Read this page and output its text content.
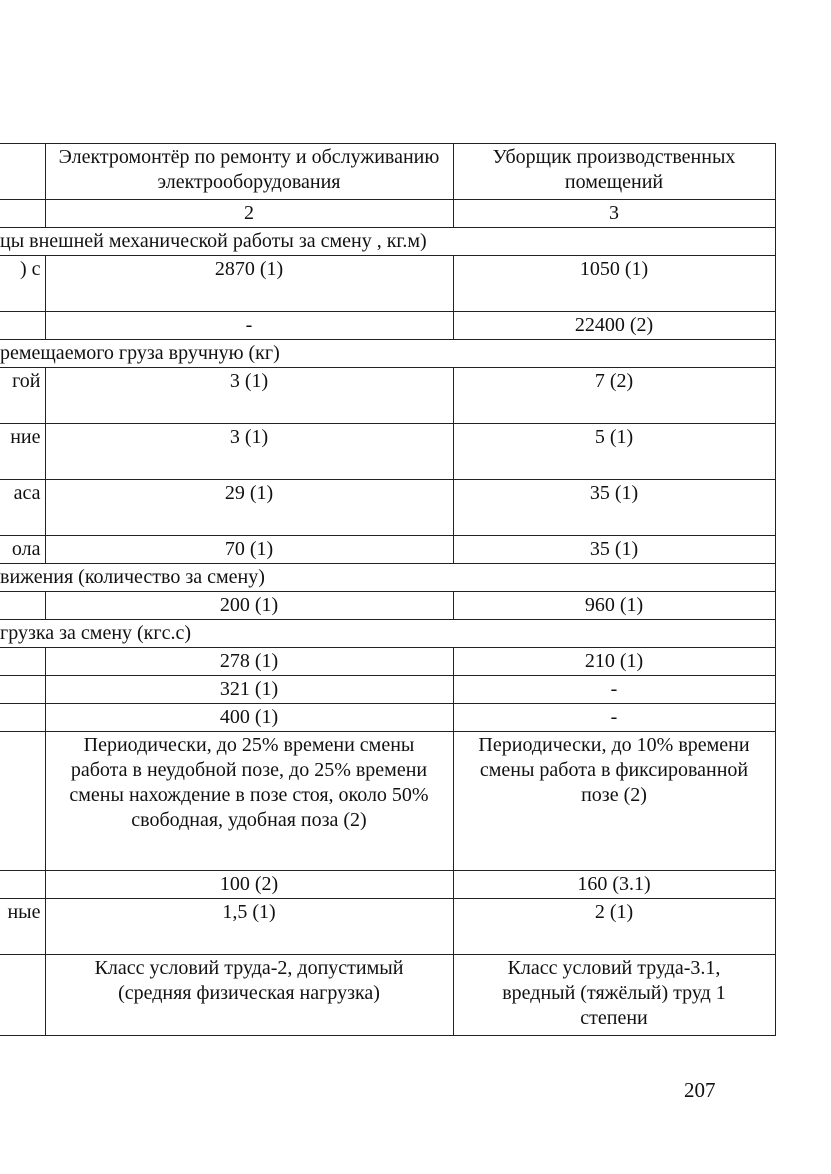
	Электромонтёр по ремонту и обслуживанию электрооборудования	Уборщик производственных помещений
	2	3
цы внешней механической работы за смену , кг.м)		
) с	2870 (1)	1050 (1)
	-	22400 (2)
ремещаемого груза вручную (кг)		
гой	3 (1)	7 (2)
ние	3 (1)	5 (1)
аса	29 (1)	35 (1)
ола	70 (1)	35 (1)
вижения (количество за смену)		
	200 (1)	960 (1)
грузка за смену (кгс.с)		
	278 (1)	210 (1)
	321 (1)	-
	400 (1)	-
	Периодически, до 25% времени смены работа в неудобной позе, до 25% времени смены нахождение в позе стоя, около 50% свободная, удобная поза (2)	Периодически, до 10% времени смены работа в фиксированной позе (2)
	100 (2)	160 (3.1)
ные	1,5 (1)	2 (1)
	Класс условий труда-2, допустимый (средняя физическая нагрузка)	Класс условий труда-3.1, вредный (тяжёлый) труд 1 степени
207
